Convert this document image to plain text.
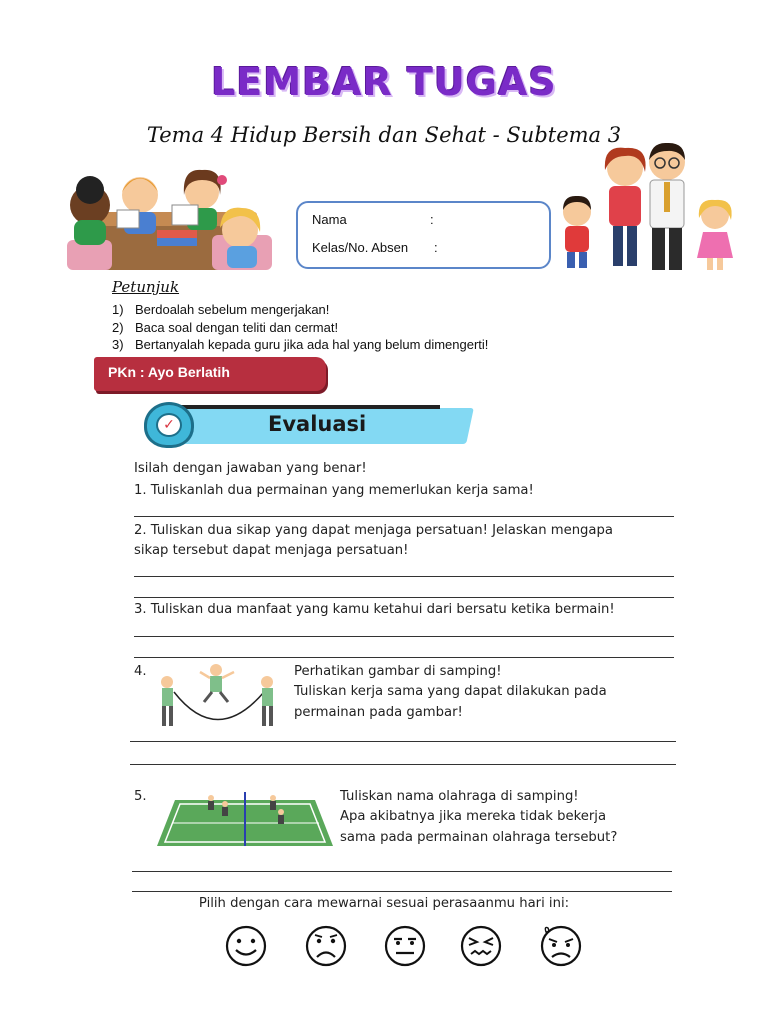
LEMBAR TUGAS
Tema 4 Hidup Bersih dan Sehat - Subtema 3
Nama	:
Kelas/No. Absen :
Petunjuk
1) Berdoalah sebelum mengerjakan!
2) Baca soal dengan teliti dan cermat!
3) Bertanyalah kepada guru jika ada hal yang belum dimengerti!
PKn : Ayo Berlatih
✓	Evaluasi
Isilah dengan jawaban yang benar!
1. Tuliskanlah dua permainan yang memerlukan kerja sama!
2. Tuliskan dua sikap yang dapat menjaga persatuan! Jelaskan mengapa
sikap tersebut dapat menjaga persatuan!
3. Tuliskan dua manfaat yang kamu ketahui dari bersatu ketika bermain!
4.	Perhatikan gambar di samping!
Tuliskan kerja sama yang dapat dilakukan pada
permainan pada gambar!
5.	Tuliskan nama olahraga di samping!
Apa akibatnya jika mereka tidak bekerja
sama pada permainan olahraga tersebut?
Pilih dengan cara mewarnai sesuai perasaanmu hari ini:
